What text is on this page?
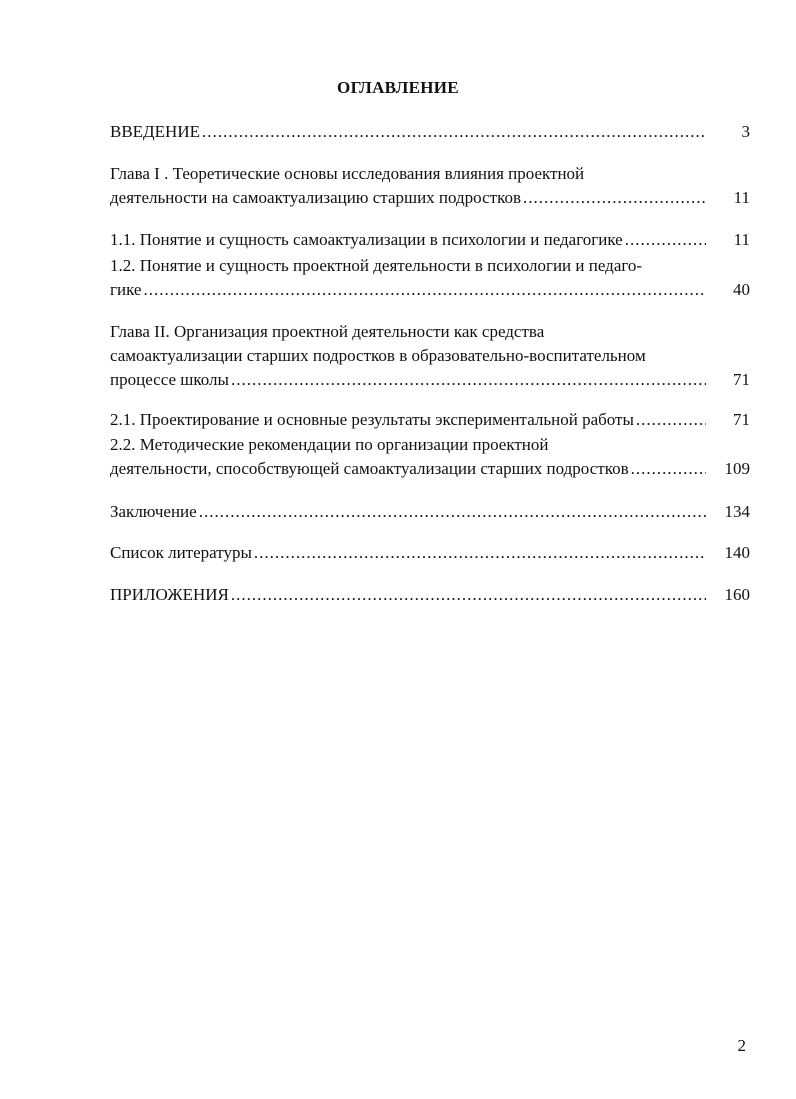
ОГЛАВЛЕНИЕ
ВВЕДЕНИЕ .....	3
Глава I . Теоретические основы исследования влияния проектной
деятельности на самоактуализацию старших подростков .....	11
1.1. Понятие и сущность самоактуализации в психологии и педагогике .....	11
1.2. Понятие и сущность проектной деятельности в психологии и педаго-
гике .....	40
Глава II. Организация проектной деятельности как средства
самоактуализации старших подростков в образовательно-воспитательном
процессе школы .....	71
2.1. Проектирование и основные результаты экспериментальной работы .....	71
2.2. Методические рекомендации по организации проектной
деятельности, способствующей самоактуализации старших подростков .....	109
Заключение .....	134
Список литературы .....	140
ПРИЛОЖЕНИЯ .....	160
2
